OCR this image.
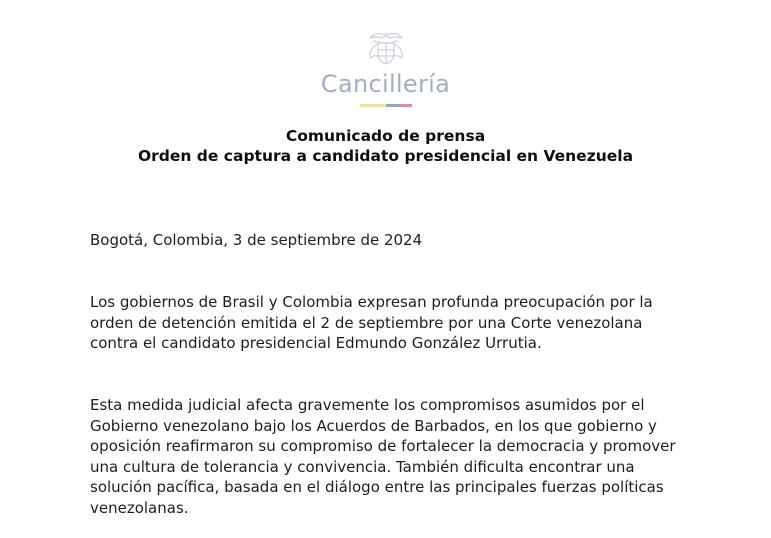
Cancillería
Comunicado de prensa
Orden de captura a candidato presidencial en Venezuela

Bogotá, Colombia, 3 de septiembre de 2024

Los gobiernos de Brasil y Colombia expresan profunda preocupación por la orden de detención emitida el 2 de septiembre por una Corte venezolana contra el candidato presidencial Edmundo González Urrutia.

Esta medida judicial afecta gravemente los compromisos asumidos por el Gobierno venezolano bajo los Acuerdos de Barbados, en los que gobierno y oposición reafirmaron su compromiso de fortalecer la democracia y promover una cultura de tolerancia y convivencia. También dificulta encontrar una solución pacífica, basada en el diálogo entre las principales fuerzas políticas venezolanas.
